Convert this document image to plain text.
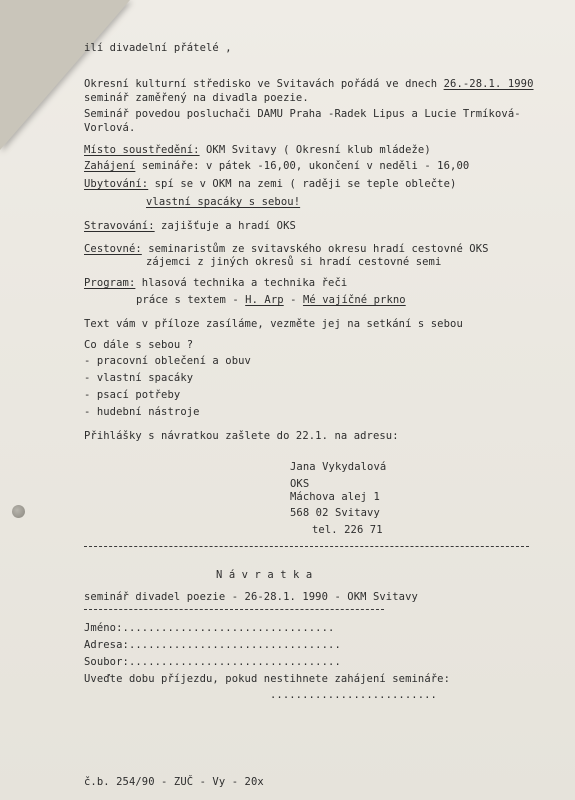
ilí divadelní přátelé ,
Okresní kulturní středisko ve Svitavách pořádá ve dnech 26.-28.1. 1990
seminář zaměřený na divadla poezie.
Seminář povedou posluchači DAMU Praha -Radek Lipus a Lucie Trmíková-
Vorlová.
Místo soustředění: OKM Svitavy ( Okresní klub mládeže)
Zahájení semináře: v pátek -16,00, ukončení v neděli - 16,00
Ubytování: spí se v OKM na zemi ( raději se teple oblečte)
vlastní spacáky s sebou!
Stravování: zajišťuje a hradí OKS
Cestovné: seminaristům ze svitavského okresu hradí cestovné OKS
zájemci z jiných okresů si hradí cestovné semi
Program: hlasová technika a technika řeči
práce s textem - H. Arp - Mé vajíčné prkno
Text vám v příloze zasíláme, vezměte jej na setkání s sebou
Co dále s sebou ?
- pracovní oblečení a obuv
- vlastní spacáky
- psací potřeby
- hudební nástroje
Přihlášky s návratkou zašlete do 22.1. na adresu:
Jana Vykydalová
OKS
Máchova alej 1
568 02 Svitavy
tel. 226 71
N á v r a t k a
seminář divadel poezie - 26-28.1. 1990 - OKM Svitavy
Jméno:.................................
Adresa:.................................
Soubor:.................................
Uveďte dobu příjezdu, pokud nestihnete zahájení semináře:
..........................
č.b. 254/90 - ZUČ - Vy - 20x
